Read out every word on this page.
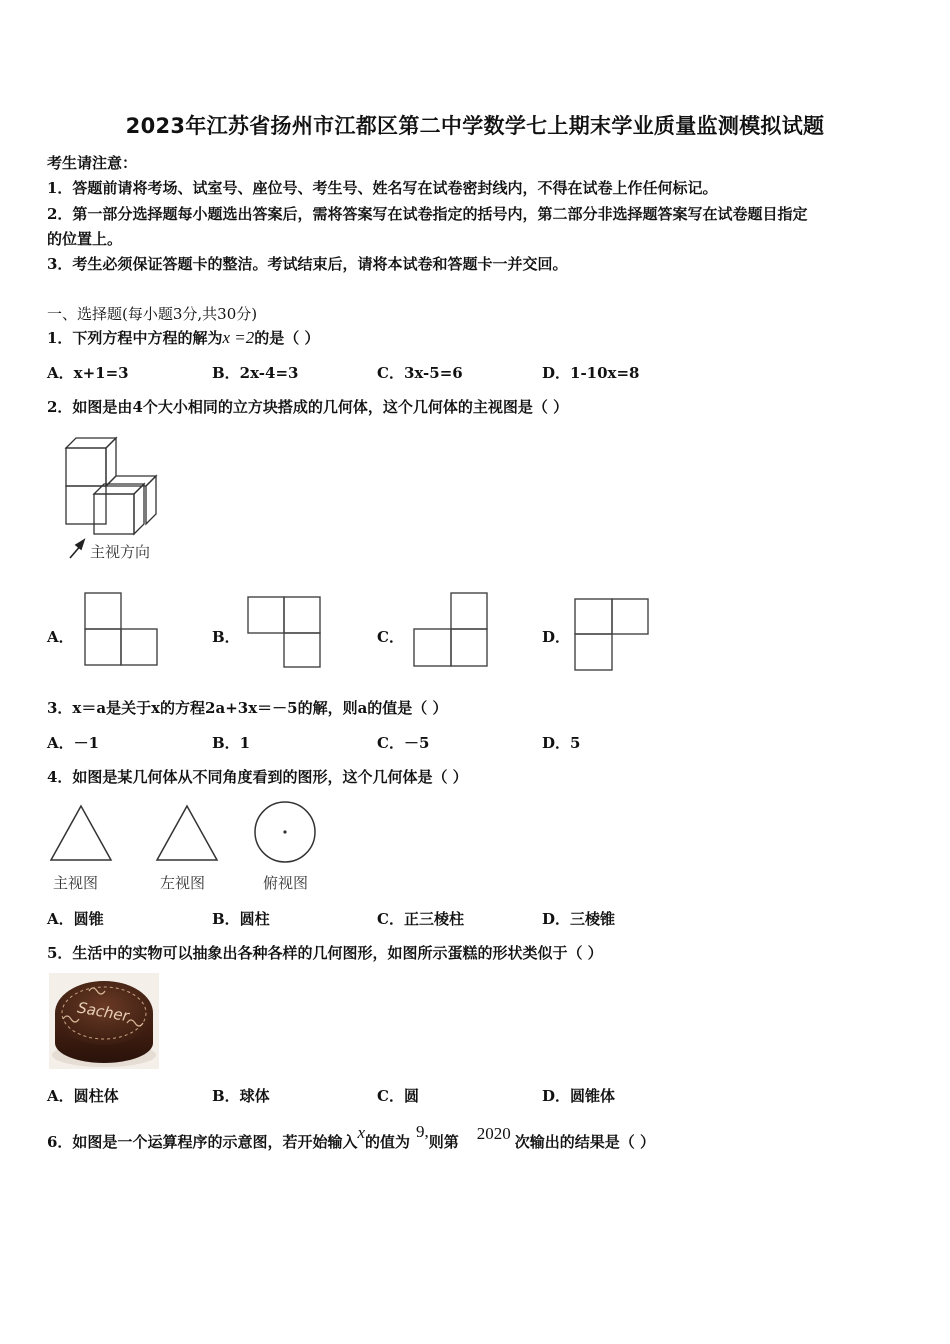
2023年江苏省扬州市江都区第二中学数学七上期末学业质量监测模拟试题
考生请注意：
1．答题前请将考场、试室号、座位号、考生号、姓名写在试卷密封线内，不得在试卷上作任何标记。
2．第一部分选择题每小题选出答案后，需将答案写在试卷指定的括号内，第二部分非选择题答案写在试卷题目指定
的位置上。
3．考生必须保证答题卡的整洁。考试结束后，请将本试卷和答题卡一并交回。
一、选择题(每小题3分,共30分)
1．下列方程中方程的解为x =2的是（ ）
A．x+1=3	B．2x-4=3	C．3x-5=6	D．1-10x=8
2．如图是由4个大小相同的立方块搭成的几何体，这个几何体的主视图是（ ）
主视方向
A．	B．	C．	D．
3．x＝a是关于x的方程2a+3x＝－5的解，则a的值是（ ）
A．－1	B．1	C．－5	D．5
4．如图是某几何体从不同角度看到的图形，这个几何体是（ ）
主视图	左视图	俯视图
A．圆锥	B．圆柱	C．正三棱柱	D．三棱锥
5．生活中的实物可以抽象出各种各样的几何图形，如图所示蛋糕的形状类似于（ ）
Sacher
A．圆柱体	B．球体	C．圆	D．圆锥体
6．如图是一个运算程序的示意图，若开始输入x的值为9,则第 2020 次输出的结果是（ ）
